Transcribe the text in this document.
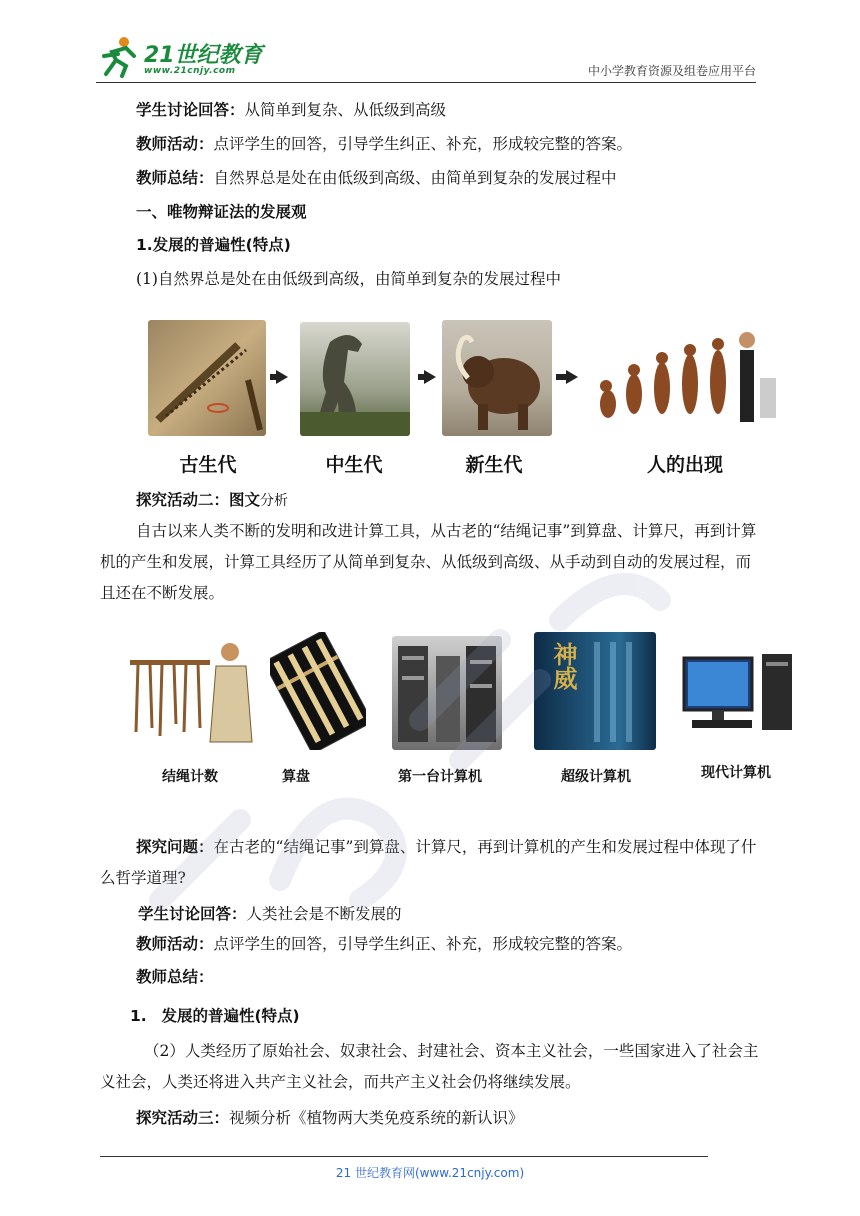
21世纪教育
www.21cnjy.com	中小学教育资源及组卷应用平台
学生讨论回答：从简单到复杂、从低级到高级
教师活动：点评学生的回答，引导学生纠正、补充，形成较完整的答案。
教师总结：自然界总是处在由低级到高级、由简单到复杂的发展过程中
一、唯物辩证法的发展观
1.发展的普遍性(特点)
(1)自然界总是处在由低级到高级，由简单到复杂的发展过程中
古生代	中生代	新生代	人的出现
探究活动二：图文分析
自古以来人类不断的发明和改进计算工具，从古老的“结绳记事”到算盘、计算尺，再到计算机的产生和发展，计算工具经历了从简单到复杂、从低级到高级、从手动到自动的发展过程，而且还在不断发展。
神威
结绳计数	算盘	第一台计算机	超级计算机	现代计算机
探究问题：在古老的“结绳记事”到算盘、计算尺，再到计算机的产生和发展过程中体现了什么哲学道理?
学生讨论回答：人类社会是不断发展的
教师活动：点评学生的回答，引导学生纠正、补充，形成较完整的答案。
教师总结：
1. 发展的普遍性(特点)
（2）人类经历了原始社会、奴隶社会、封建社会、资本主义社会，一些国家进入了社会主义社会，人类还将进入共产主义社会，而共产主义社会仍将继续发展。
探究活动三：视频分析《植物两大类免疫系统的新认识》
21 世纪教育网(www.21cnjy.com)
